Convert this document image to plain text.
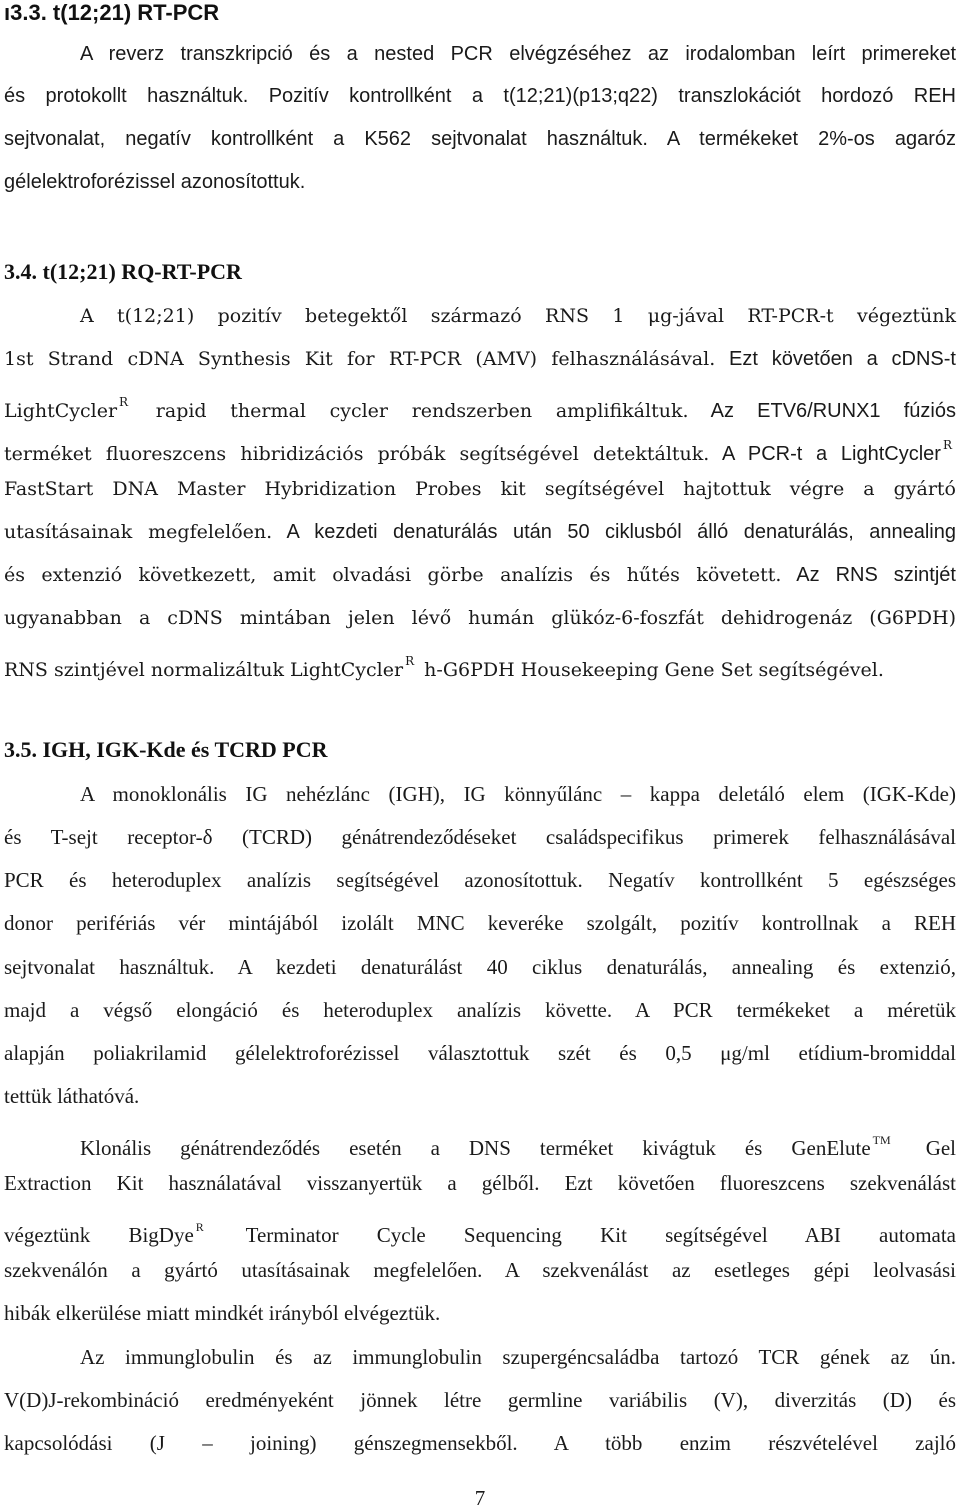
ı3.3. t(12;21) RT-PCR

A reverz transzkripció és a nested PCR elvégzéséhez az irodalomban leírt primereket

és protokollt használtuk. Pozitív kontrollként a t(12;21)(p13;q22) transzlokációt hordozó REH

sejtvonalat, negatív kontrollként a K562 sejtvonalat használtuk. A termékeket 2%-os agaróz

gélelektroforézissel azonosítottuk.

3.4. t(12;21) RQ-RT-PCR

A t(12;21) pozitív betegektől származó RNS 1 μg-jával RT-PCR-t végeztünk

1st Strand cDNA Synthesis Kit for RT-PCR (AMV) felhasználásával. Ezt követően a cDNS-t

LightCycler $^R$ rapid thermal cycler rendszerben amplifikáltuk. Az ETV6/RUNX1 fúziós

terméket fluoreszcens hibridizációs próbák segítségével detektáltuk. A PCR-t a LightCycler $^R$

FastStart DNA Master Hybridization Probes kit segítségével hajtottuk végre a gyártó

utasításainak megfelelően. A kezdeti denaturálás után 50 ciklusból álló denaturálás, annealing

és extenzió következett, amit olvadási görbe analízis és hűtés követett. Az RNS szintjét

ugyanabban a cDNS mintában jelen lévő humán glükóz-6-foszfát dehidrogenáz (G6PDH)

RNS szintjével normalizáltuk LightCycler $^R$ h-G6PDH Housekeeping Gene Set segítségével.

3.5. IGH, IGK-Kde és TCRD PCR

A monoklonális IG nehézlánc (IGH), IG könnyűlánc – kappa deletáló elem (IGK-Kde)

és T-sejt receptor-δ (TCRD) génátrendeződéseket családspecifikus primerek felhasználásával

PCR és heteroduplex analízis segítségével azonosítottuk. Negatív kontrollként 5 egészséges

donor perifériás vér mintájából izolált MNC keveréke szolgált, pozitív kontrollnak a REH

sejtvonalat használtuk. A kezdeti denaturálást 40 ciklus denaturálás, annealing és extenzió,

majd a végső elongáció és heteroduplex analízis követte. A PCR termékeket a méretük

alapján poliakrilamid gélelektroforézissel választottuk szét és 0,5 μg/ml etídium-bromiddal

tettük láthatóvá.

Klonális génátrendeződés esetén a DNS terméket kivágtuk és GenElute ™ Gel

Extraction Kit használatával visszanyertük a gélből. Ezt követően fluoreszcens szekvenálást

végeztünk BigDye $^R$ Terminator Cycle Sequencing Kit segítségével ABI automata

szekvenálón a gyártó utasításainak megfelelően. A szekvenálást az esetleges gépi leolvasási

hibák elkerülése miatt mindkét irányból elvégeztük.

Az immunglobulin és az immunglobulin szupergéncsaládba tartozó TCR gének az ún.

V(D)J-rekombináció eredményeként jönnek létre germline variábilis (V), diverzitás (D) és

kapcsolódási (J – joining) génszegmensekből. A több enzim részvételével zajló

7
